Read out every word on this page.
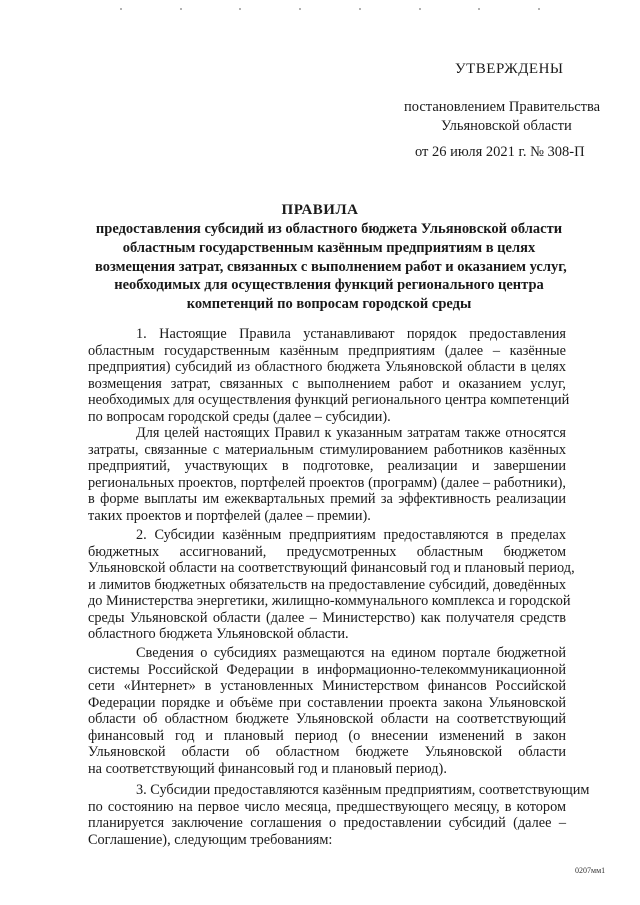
УТВЕРЖДЕНЫ
постановлением Правительства
Ульяновской области
от 26 июля 2021 г. № 308-П
ПРАВИЛА
предоставления субсидий из областного бюджета Ульяновской области
областным государственным казённым предприятиям в целях
возмещения затрат, связанных с выполнением работ и оказанием услуг,
необходимых для осуществления функций регионального центра
компетенций по вопросам городской среды
1. Настоящие Правила устанавливают порядок предоставления
областным государственным казённым предприятиям (далее – казённые
предприятия) субсидий из областного бюджета Ульяновской области в целях
возмещения затрат, связанных с выполнением работ и оказанием услуг,
необходимых для осуществления функций регионального центра компетенций
по вопросам городской среды (далее – субсидии).
Для целей настоящих Правил к указанным затратам также относятся
затраты, связанные с материальным стимулированием работников казённых
предприятий, участвующих в подготовке, реализации и завершении
региональных проектов, портфелей проектов (программ) (далее – работники),
в форме выплаты им ежеквартальных премий за эффективность реализации
таких проектов и портфелей (далее – премии).
2. Субсидии казённым предприятиям предоставляются в пределах
бюджетных ассигнований, предусмотренных областным бюджетом
Ульяновской области на соответствующий финансовый год и плановый период,
и лимитов бюджетных обязательств на предоставление субсидий, доведённых
до Министерства энергетики, жилищно-коммунального комплекса и городской
среды Ульяновской области (далее – Министерство) как получателя средств
областного бюджета Ульяновской области.
Сведения о субсидиях размещаются на едином портале бюджетной
системы Российской Федерации в информационно-телекоммуникационной
сети «Интернет» в установленных Министерством финансов Российской
Федерации порядке и объёме при составлении проекта закона Ульяновской
области об областном бюджете Ульяновской области на соответствующий
финансовый год и плановый период (о внесении изменений в закон
Ульяновской области об областном бюджете Ульяновской области
на соответствующий финансовый год и плановый период).
3. Субсидии предоставляются казённым предприятиям, соответствующим
по состоянию на первое число месяца, предшествующего месяцу, в котором
планируется заключение соглашения о предоставлении субсидий (далее –
Соглашение), следующим требованиям:
0207мм1
